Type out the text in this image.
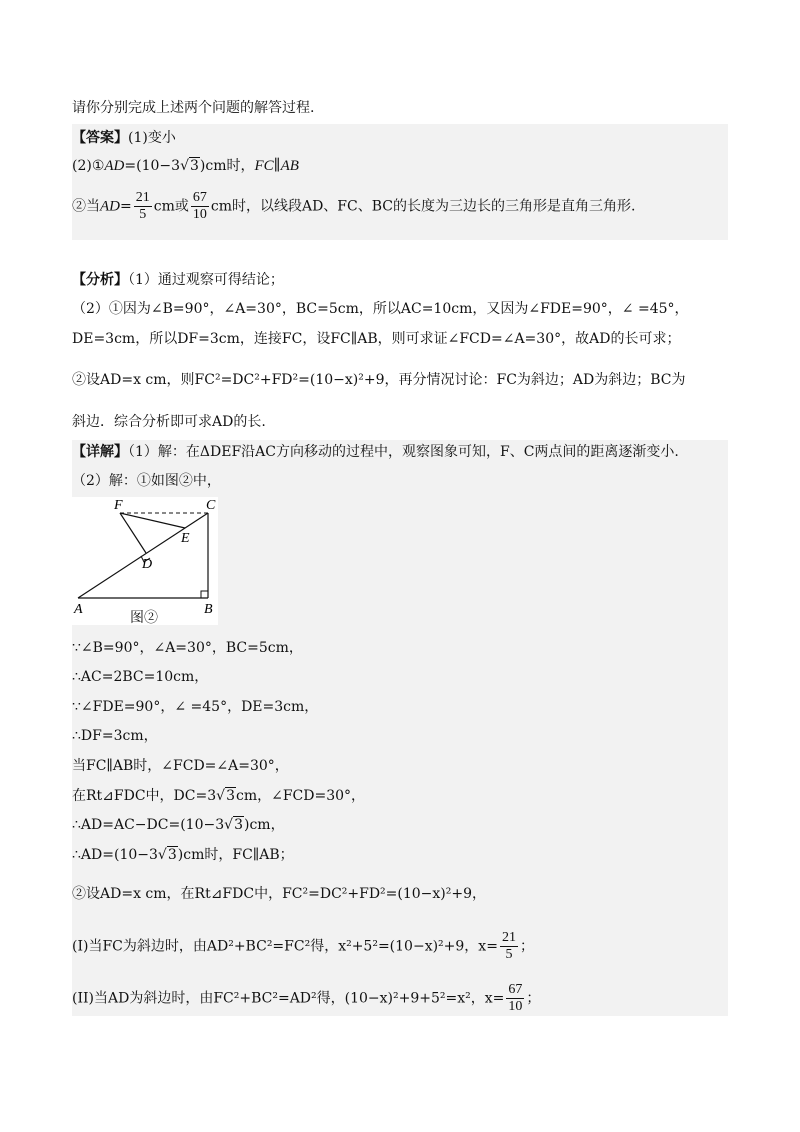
请你分别完成上述两个问题的解答过程.
【答案】(1)变小
(2)①AD=(10−3√3)cm时，FC∥AB
②当$AD= \frac{21}{5}$ cm或 $\frac{67}{10}$ cm时，以线段AD、FC、BC的长度为三边长的三角形是直角三角形.
【分析】（1）通过观察可得结论；
（2）①因为∠B=90°，∠A=30°，BC=5cm，所以AC=10cm，又因为∠FDE=90°，∠ =45°，
DE=3cm，所以DF=3cm，连接FC，设FC∥AB，则可求证∠FCD=∠A=30°，故AD的长可求；
②设AD=x cm，则FC²=DC²+FD²=(10−x)²+9，再分情况讨论：FC为斜边；AD为斜边；BC为
斜边．综合分析即可求AD的长.
【详解】（1）解：在ΔDEF沿AC方向移动的过程中，观察图象可知，F、C两点间的距离逐渐变小.
（2）解：①如图②中，
F	C
E
D
A	B
图②
∵∠B=90°，∠A=30°，BC=5cm，
∴AC=2BC=10cm，
∵∠FDE=90°，∠ =45°，DE=3cm，
∴DF=3cm，
当FC∥AB时，∠FCD=∠A=30°，
在Rt⊿FDC中，DC=3√3cm，∠FCD=30°，
∴AD=AC−DC=(10−3√3)cm，
∴AD=(10−3√3)cm时，FC∥AB；
②设AD=x cm，在Rt⊿FDC中，FC²=DC²+FD²=(10−x)²+9，
(I)当FC为斜边时，由AD²+BC²=FC²得，x²+5²=(10−x)²+9，$x= \frac{21}{5}$ ；
(II)当AD为斜边时，由FC²+BC²=AD²得，(10−x)²+9+5²=x²，$x= \frac{67}{10}$ ；
